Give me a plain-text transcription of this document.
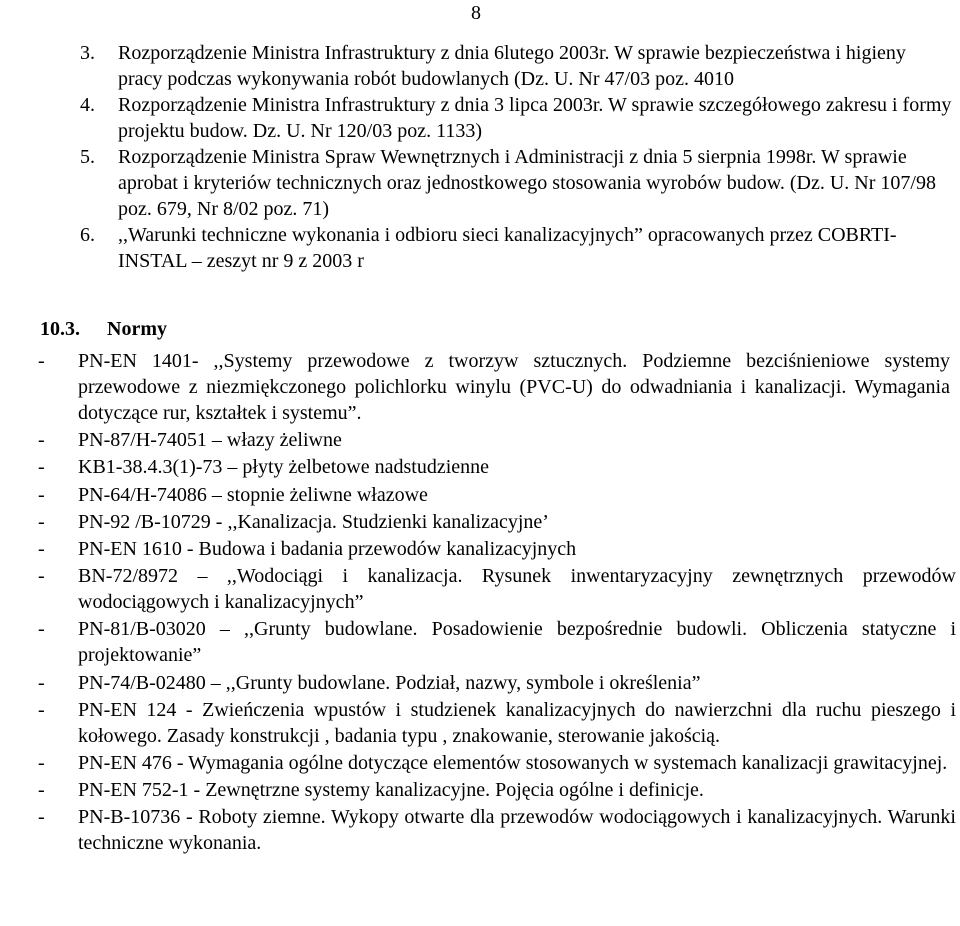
8
3. Rozporządzenie Ministra Infrastruktury z dnia 6lutego 2003r. W sprawie bezpieczeństwa i higieny pracy podczas wykonywania robót budowlanych (Dz. U. Nr 47/03 poz. 4010
4. Rozporządzenie Ministra Infrastruktury z dnia 3 lipca 2003r. W sprawie szczegółowego zakresu i formy projektu budow. Dz. U. Nr 120/03 poz. 1133)
5. Rozporządzenie Ministra Spraw Wewnętrznych i Administracji z dnia 5 sierpnia 1998r. W sprawie aprobat i kryteriów technicznych oraz jednostkowego stosowania wyrobów budow. (Dz. U. Nr 107/98 poz. 679, Nr 8/02 poz. 71)
6. ,,Warunki techniczne wykonania i odbioru sieci kanalizacyjnych” opracowanych przez COBRTI-INSTAL – zeszyt nr 9 z 2003 r
10.3. Normy
- PN-EN 1401- ,,Systemy przewodowe z tworzyw sztucznych. Podziemne bezciśnieniowe systemy przewodowe z niezmiękczonego polichlorku winylu (PVC-U) do odwadniania i kanalizacji. Wymagania dotyczące rur, kształtek i systemu”.
- PN-87/H-74051 – włazy żeliwne
- KB1-38.4.3(1)-73 – płyty żelbetowe nadstudzienne
- PN-64/H-74086 – stopnie żeliwne włazowe
- PN-92 /B-10729 - ,,Kanalizacja. Studzienki kanalizacyjne’
- PN-EN 1610 - Budowa i badania przewodów kanalizacyjnych
- BN-72/8972 – ,,Wodociągi i kanalizacja. Rysunek inwentaryzacyjny zewnętrznych przewodów wodociągowych i kanalizacyjnych”
- PN-81/B-03020 – ,,Grunty budowlane. Posadowienie bezpośrednie budowli. Obliczenia statyczne i projektowanie”
- PN-74/B-02480 – ,,Grunty budowlane. Podział, nazwy, symbole i określenia”
- PN-EN 124 - Zwieńczenia wpustów i studzienek kanalizacyjnych do nawierzchni dla ruchu pieszego i kołowego. Zasady konstrukcji , badania typu , znakowanie, sterowanie jakością.
- PN-EN 476 - Wymagania ogólne dotyczące elementów stosowanych w systemach kanalizacji grawitacyjnej.
- PN-EN 752-1 - Zewnętrzne systemy kanalizacyjne. Pojęcia ogólne i definicje.
- PN-B-10736 - Roboty ziemne. Wykopy otwarte dla przewodów wodociągowych i kanalizacyjnych. Warunki techniczne wykonania.
